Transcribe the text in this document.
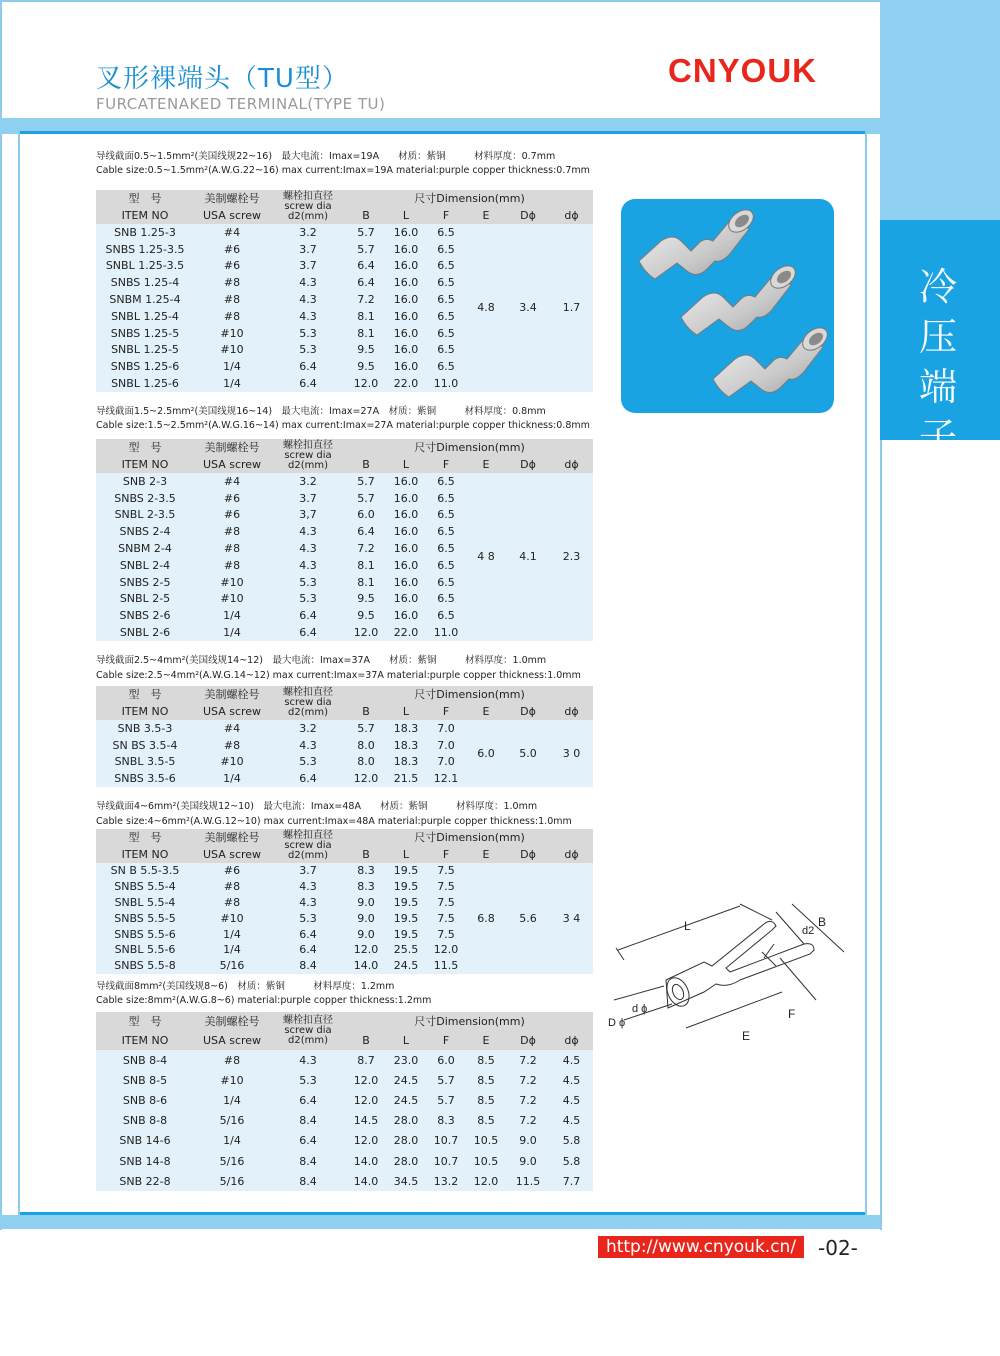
叉形裸端头（TU型）
FURCATENAKED TERMINAL(TYPE TU)
CNYOUK
冷
压
端
子
L	B
d2
F
E
d ϕ
D ϕ
导线截面0.5~1.5mm²(美国线规22~16)　最大电流：Imax=19A　　材质：紫铜　　　材料厚度：0.7mm
Cable size:0.5~1.5mm²(A.W.G.22~16) max current:Imax=19A material:purple copper thickness:0.7mm
导线截面1.5~2.5mm²(美国线规16~14)　最大电流：Imax=27A　材质：紫铜　　　材料厚度：0.8mm
Cable size:1.5~2.5mm²(A.W.G.16~14) max current:Imax=27A material:purple copper thickness:0.8mm
导线截面2.5~4mm²(美国线规14~12)　最大电流：Imax=37A　　材质：紫铜　　　材料厚度：1.0mm
Cable size:2.5~4mm²(A.W.G.14~12) max current:Imax=37A material:purple copper thickness:1.0mm
导线截面4~6mm²(美国线规12~10)　最大电流：Imax=48A　　材质：紫铜　　　材料厚度：1.0mm
Cable size:4~6mm²(A.W.G.12~10) max current:Imax=48A material:purple copper thickness:1.0mm
导线截面8mm²(美国线规8~6)　材质：紫铜　　　材料厚度：1.2mm
Cable size:8mm²(A.W.G.8~6) material:purple copper thickness:1.2mm
型　号	美制螺栓号	螺栓扣直径
screw dia
d2(mm)	尺寸Dimension(mm)					
ITEM NO	USA screw		B	L	F	E	Dϕ	dϕ
SNB 1.25-3	#4	3.2	5.7	16.0	6.5	4.8	3.4	1.7
SNBS 1.25-3.5	#6	3.7	5.7	16.0	6.5			
SNBL 1.25-3.5	#6	3.7	6.4	16.0	6.5			
SNBS 1.25-4	#8	4.3	6.4	16.0	6.5			
SNBM 1.25-4	#8	4.3	7.2	16.0	6.5			
SNBL 1.25-4	#8	4.3	8.1	16.0	6.5			
SNBS 1.25-5	#10	5.3	8.1	16.0	6.5			
SNBL 1.25-5	#10	5.3	9.5	16.0	6.5			
SNBS 1.25-6	1/4	6.4	9.5	16.0	6.5			
SNBL 1.25-6	1/4	6.4	12.0	22.0	11.0			
型　号	美制螺栓号	螺栓扣直径
screw dia
d2(mm)	尺寸Dimension(mm)					
ITEM NO	USA screw		B	L	F	E	Dϕ	dϕ
SNB 2-3	#4	3.2	5.7	16.0	6.5	4 8	4.1	2.3
SNBS 2-3.5	#6	3.7	5.7	16.0	6.5			
SNBL 2-3.5	#6	3,7	6.0	16.0	6.5			
SNBS 2-4	#8	4.3	6.4	16.0	6.5			
SNBM 2-4	#8	4.3	7.2	16.0	6.5			
SNBL 2-4	#8	4.3	8.1	16.0	6.5			
SNBS 2-5	#10	5.3	8.1	16.0	6.5			
SNBL 2-5	#10	5.3	9.5	16.0	6.5			
SNBS 2-6	1/4	6.4	9.5	16.0	6.5			
SNBL 2-6	1/4	6.4	12.0	22.0	11.0			
型　号	美制螺栓号	螺栓扣直径
screw dia
d2(mm)	尺寸Dimension(mm)					
ITEM NO	USA screw		B	L	F	E	Dϕ	dϕ
SNB 3.5-3	#4	3.2	5.7	18.3	7.0	6.0	5.0	3 0
SN BS 3.5-4	#8	4.3	8.0	18.3	7.0			
SNBL 3.5-5	#10	5.3	8.0	18.3	7.0			
SNBS 3.5-6	1/4	6.4	12.0	21.5	12.1			
型　号	美制螺栓号	螺栓扣直径
screw dia
d2(mm)	尺寸Dimension(mm)					
ITEM NO	USA screw		B	L	F	E	Dϕ	dϕ
SN B 5.5-3.5	#6	3.7	8.3	19.5	7.5	6.8	5.6	3 4
SNBS 5.5-4	#8	4.3	8.3	19.5	7.5			
SNBL 5.5-4	#8	4.3	9.0	19.5	7.5			
SNBS 5.5-5	#10	5.3	9.0	19.5	7.5			
SNBS 5.5-6	1/4	6.4	9.0	19.5	7.5			
SNBL 5.5-6	1/4	6.4	12.0	25.5	12.0			
SNBS 5.5-8	5/16	8.4	14.0	24.5	11.5			
型　号	美制螺栓号	螺栓扣直径
screw dia
d2(mm)	尺寸Dimension(mm)					
ITEM NO	USA screw		B	L	F	E	Dϕ	dϕ
SNB 8-4	#8	4.3	8.7	23.0	6.0	8.5	7.2	4.5
SNB 8-5	#10	5.3	12.0	24.5	5.7	8.5	7.2	4.5
SNB 8-6	1/4	6.4	12.0	24.5	5.7	8.5	7.2	4.5
SNB 8-8	5/16	8.4	14.5	28.0	8.3	8.5	7.2	4.5
SNB 14-6	1/4	6.4	12.0	28.0	10.7	10.5	9.0	5.8
SNB 14-8	5/16	8.4	14.0	28.0	10.7	10.5	9.0	5.8
SNB 22-8	5/16	8.4	14.0	34.5	13.2	12.0	11.5	7.7
http://www.cnyouk.cn/	-02-
